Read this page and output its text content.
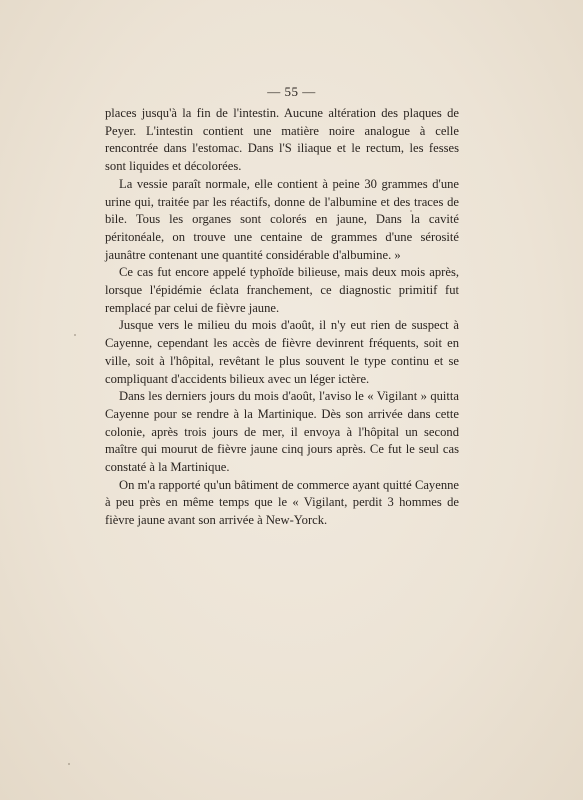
— 55 —

places jusqu'à la fin de l'intestin. Aucune altération des plaques de Peyer. L'intestin contient une matière noire analogue à celle rencontrée dans l'estomac. Dans l'S iliaque et le rectum, les fesses sont liquides et décolorées.

La vessie paraît normale, elle contient à peine 30 grammes d'une urine qui, traitée par les réactifs, donne de l'albumine et des traces de bile. Tous les organes sont colorés en jaune, Dans la cavité péritonéale, on trouve une centaine de grammes d'une sérosité jaunâtre contenant une quantité considérable d'albumine. »

Ce cas fut encore appelé typhoïde bilieuse, mais deux mois après, lorsque l'épidémie éclata franchement, ce diagnostic primitif fut remplacé par celui de fièvre jaune.

Jusque vers le milieu du mois d'août, il n'y eut rien de suspect à Cayenne, cependant les accès de fièvre devinrent fréquents, soit en ville, soit à l'hôpital, revêtant le plus souvent le type continu et se compliquant d'accidents bilieux avec un léger ictère.

Dans les derniers jours du mois d'août, l'aviso le « Vigilant » quitta Cayenne pour se rendre à la Martinique. Dès son arrivée dans cette colonie, après trois jours de mer, il envoya à l'hôpital un second maître qui mourut de fièvre jaune cinq jours après. Ce fut le seul cas constaté à la Martinique.

On m'a rapporté qu'un bâtiment de commerce ayant quitté Cayenne à peu près en même temps que le « Vigilant, perdit 3 hommes de fièvre jaune avant son arrivée à New-Yorck.
